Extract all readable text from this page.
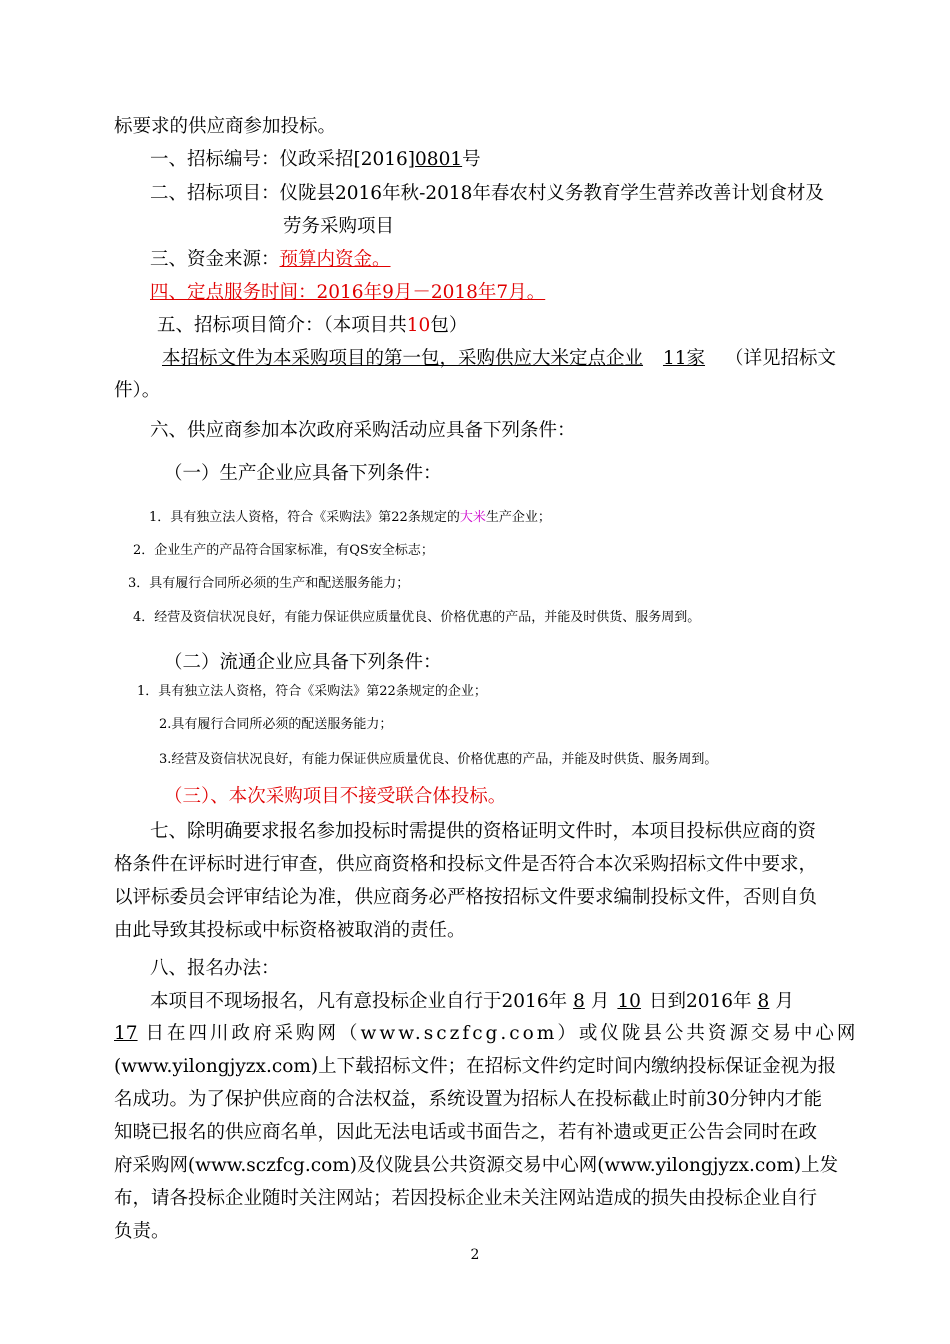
标要求的供应商参加投标。
一、招标编号：仪政采招[2016]0801号
二、招标项目：仪陇县2016年秋-2018年春农村义务教育学生营养改善计划食材及
劳务采购项目
三、资金来源：预算内资金。
四、定点服务时间：2016年9月－2018年7月。
五、招标项目简介：（本项目共10包）
本招标文件为本采购项目的第一包，采购供应大米定点企业 11家 （详见招标文
件）。
六、供应商参加本次政府采购活动应具备下列条件：
（一）生产企业应具备下列条件：
1．具有独立法人资格，符合《采购法》第22条规定的大米生产企业；
2．企业生产的产品符合国家标准，有QS安全标志；
3．具有履行合同所必须的生产和配送服务能力；
4．经营及资信状况良好，有能力保证供应质量优良、价格优惠的产品，并能及时供货、服务周到。
（二）流通企业应具备下列条件：
1．具有独立法人资格，符合《采购法》第22条规定的企业；
2.具有履行合同所必须的配送服务能力；
3.经营及资信状况良好，有能力保证供应质量优良、价格优惠的产品，并能及时供货、服务周到。
（三）、本次采购项目不接受联合体投标。
七、除明确要求报名参加投标时需提供的资格证明文件时，本项目投标供应商的资
格条件在评标时进行审查，供应商资格和投标文件是否符合本次采购招标文件中要求，
以评标委员会评审结论为准，供应商务必严格按招标文件要求编制投标文件，否则自负
由此导致其投标或中标资格被取消的责任。
八、报名办法：
本项目不现场报名，凡有意投标企业自行于2016年 8 月 10 日到2016年 8 月
17 日在四川政府采购网（www.sczfcg.com）或仪陇县公共资源交易中心网
(www.yilongjyzx.com)上下载招标文件；在招标文件约定时间内缴纳投标保证金视为报
名成功。为了保护供应商的合法权益，系统设置为招标人在投标截止时前30分钟内才能
知晓已报名的供应商名单，因此无法电话或书面告之，若有补遗或更正公告会同时在政
府采购网(www.sczfcg.com)及仪陇县公共资源交易中心网(www.yilongjyzx.com)上发
布，请各投标企业随时关注网站；若因投标企业未关注网站造成的损失由投标企业自行
负责。
2
